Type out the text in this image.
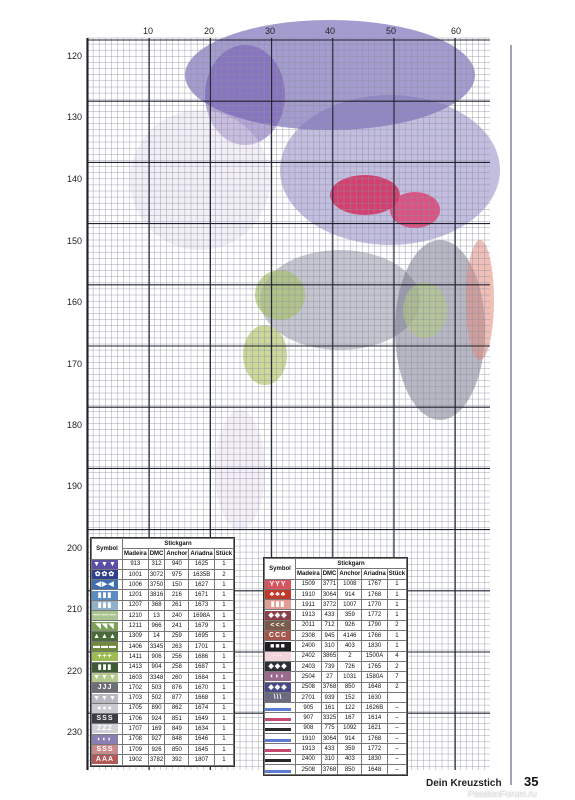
10	20	30	40	50	60
120
130
140
150
160
170
180
190
200
210
220
230
Symbol	Stickgarn				
	Madeira	DMC	Anchor	Ariadna	Stück

▼▼▼	913	312	940	1625	1

✿✿✿	1001	3072	975	1635B	2

◀▶◀	1006	3750	150	1627	1

▮▮▮	1201	3816	216	1671	1

▮▮▮	1207	368	261	1673	1

———	1210	13	240	1698A	1

◥◥◥	1211	966	241	1679	1

▲▲▲	1309	14	259	1695	1

▬▬▬	1406	3345	263	1701	1

+++	1411	906	256	1686	1

▮▮▮	1413	904	258	1687	1

▼▼▼	1603	3348	260	1684	1

JJJ	1702	503	876	1670	1

▼▼▼	1703	502	877	1668	1

●●●	1705	890	862	1674	1

SSS	1706	924	851	1649	1

ZZZ	1707	169	849	1634	1

◐◐◐	1708	927	848	1646	1

SSS	1709	926	850	1645	1

AAA	1902	3782	392	1807	1
Symbol	Stickgarn				
	Madeira	DMC	Anchor	Ariadna	Stück

YYY	1509	3771	1008	1767	1

♣♣♣	1910	3064	914	1768	1

▮▮▮	1911	3772	1007	1770	1

◆◆◆	1913	433	359	1772	1

<<<	2011	712	926	1790	2

CCC	2308	945	4146	1766	1

■■■	2400	310	403	1830	1

···	2402	3865	2	1500A	4

◆◆◆	2403	739	726	1765	2

◐◐◐	2504	27	1031	1580A	7

◆◆◆	2508	3768	850	1648	2

\\\	2701	939	152	1630	

	905	161	122	1626B	–

	907	3325	167	1614	–

	908	775	1092	1621	–

	1910	3064	914	1768	–

	1913	433	359	1772	–

	2400	310	403	1830	–

	2508	3768	850	1648	–
Dein Kreuzstich 35
PassionForum.ru
